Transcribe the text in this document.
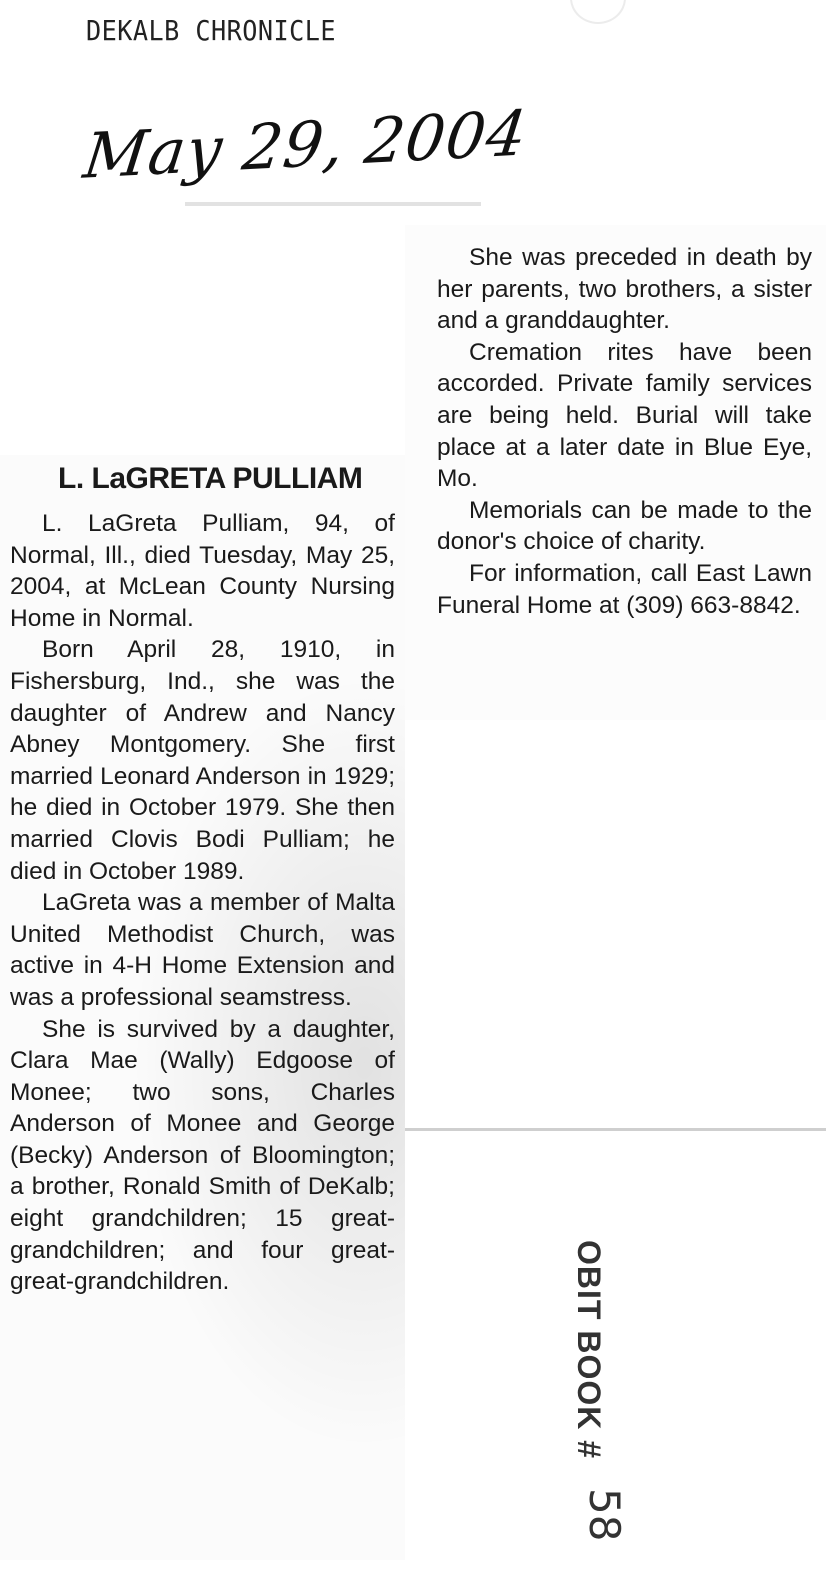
DEKALB CHRONICLE
May 29, 2004
L. LaGRETA PULLIAM

L. LaGreta Pulliam, 94, of Normal, Ill., died Tuesday, May 25, 2004, at McLean County Nursing Home in Normal.

Born April 28, 1910, in Fishersburg, Ind., she was the daughter of Andrew and Nancy Abney Montgomery. She first married Leonard Anderson in 1929; he died in October 1979. She then married Clovis Bodi Pulliam; he died in October 1989.

LaGreta was a member of Malta United Methodist Church, was active in 4-H Home Extension and was a professional seamstress.

She is survived by a daughter, Clara Mae (Wally) Edgoose of Monee; two sons, Charles Anderson of Monee and George (Becky) Anderson of Bloomington; a brother, Ronald Smith of DeKalb; eight grandchildren; 15 great-grandchildren; and four great-great-grandchildren.

She was preceded in death by her parents, two brothers, a sister and a granddaughter.

Cremation rites have been accorded. Private family services are being held. Burial will take place at a later date in Blue Eye, Mo.

Memorials can be made to the donor's choice of charity.

For information, call East Lawn Funeral Home at (309) 663-8842.

OBIT BOOK #
58
